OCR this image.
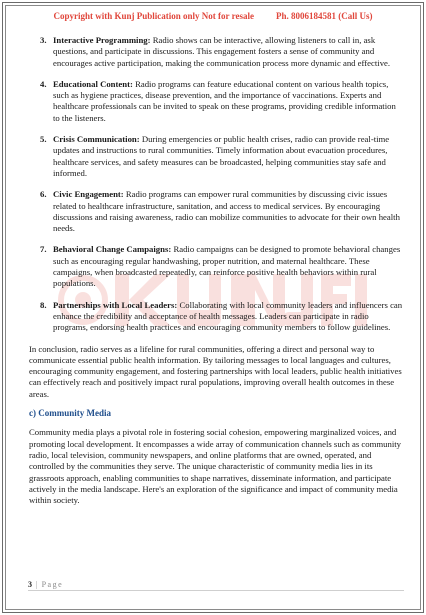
Copyright with Kunj Publication only Not for resale Ph. 8006184581 (Call Us)
3. Interactive Programming: Radio shows can be interactive, allowing listeners to call in, ask questions, and participate in discussions. This engagement fosters a sense of community and encourages active participation, making the communication process more dynamic and effective.
4. Educational Content: Radio programs can feature educational content on various health topics, such as hygiene practices, disease prevention, and the importance of vaccinations. Experts and healthcare professionals can be invited to speak on these programs, providing credible information to the listeners.
5. Crisis Communication: During emergencies or public health crises, radio can provide real-time updates and instructions to rural communities. Timely information about evacuation procedures, healthcare services, and safety measures can be broadcasted, helping communities stay safe and informed.
6. Civic Engagement: Radio programs can empower rural communities by discussing civic issues related to healthcare infrastructure, sanitation, and access to medical services. By encouraging discussions and raising awareness, radio can mobilize communities to advocate for their own health needs.
7. Behavioral Change Campaigns: Radio campaigns can be designed to promote behavioral changes such as encouraging regular handwashing, proper nutrition, and maternal healthcare. These campaigns, when broadcasted repeatedly, can reinforce positive health behaviors within rural populations.
8. Partnerships with Local Leaders: Collaborating with local community leaders and influencers can enhance the credibility and acceptance of health messages. Leaders can participate in radio programs, endorsing health practices and encouraging community members to follow guidelines.

In conclusion, radio serves as a lifeline for rural communities, offering a direct and personal way to communicate essential public health information. By tailoring messages to local languages and cultures, encouraging community engagement, and fostering partnerships with local leaders, public health initiatives can effectively reach and positively impact rural populations, improving overall health outcomes in these areas.

c) Community Media

Community media plays a pivotal role in fostering social cohesion, empowering marginalized voices, and promoting local development. It encompasses a wide array of communication channels such as community radio, local television, community newspapers, and online platforms that are owned, operated, and controlled by the communities they serve. The unique characteristic of community media lies in its grassroots approach, enabling communities to shape narratives, disseminate information, and participate actively in the media landscape. Here's an exploration of the significance and impact of community media within society.

3 | Page
